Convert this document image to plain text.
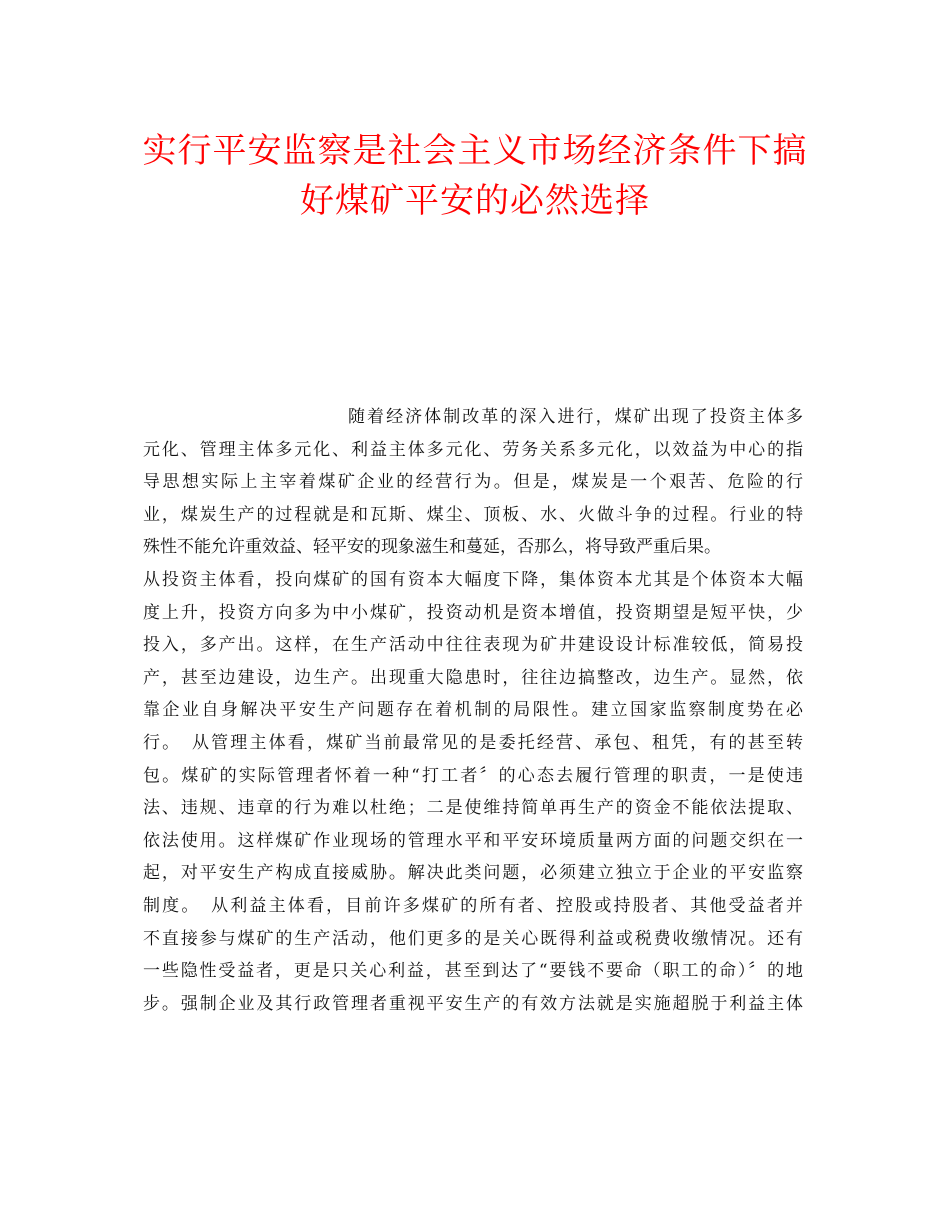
实行平安监察是社会主义市场经济条件下搞
好煤矿平安的必然选择
随着经济体制改革的深入进行，煤矿出现了投资主体多
元化、管理主体多元化、利益主体多元化、劳务关系多元化，以效益为中心的指
导思想实际上主宰着煤矿企业的经营行为。但是，煤炭是一个艰苦、危险的行
业，煤炭生产的过程就是和瓦斯、煤尘、顶板、水、火做斗争的过程。行业的特
殊性不能允许重效益、轻平安的现象滋生和蔓延，否那么，将导致严重后果。
从投资主体看，投向煤矿的国有资本大幅度下降，集体资本尤其是个体资本大幅
度上升，投资方向多为中小煤矿，投资动机是资本增值，投资期望是短平快，少
投入，多产出。这样，在生产活动中往往表现为矿井建设设计标准较低，简易投
产，甚至边建设，边生产。出现重大隐患时，往往边搞整改，边生产。显然，依
靠企业自身解决平安生产问题存在着机制的局限性。建立国家监察制度势在必
行。　从管理主体看，煤矿当前最常见的是委托经营、承包、租凭，有的甚至转
包。煤矿的实际管理者怀着一种“打工者〞的心态去履行管理的职责，一是使违
法、违规、违章的行为难以杜绝；二是使维持简单再生产的资金不能依法提取、
依法使用。这样煤矿作业现场的管理水平和平安环境质量两方面的问题交织在一
起，对平安生产构成直接威胁。解决此类问题，必须建立独立于企业的平安监察
制度。　从利益主体看，目前许多煤矿的所有者、控股或持股者、其他受益者并
不直接参与煤矿的生产活动，他们更多的是关心既得利益或税费收缴情况。还有
一些隐性受益者，更是只关心利益，甚至到达了“要钱不要命（职工的命）〞的地
步。强制企业及其行政管理者重视平安生产的有效方法就是实施超脱于利益主体
